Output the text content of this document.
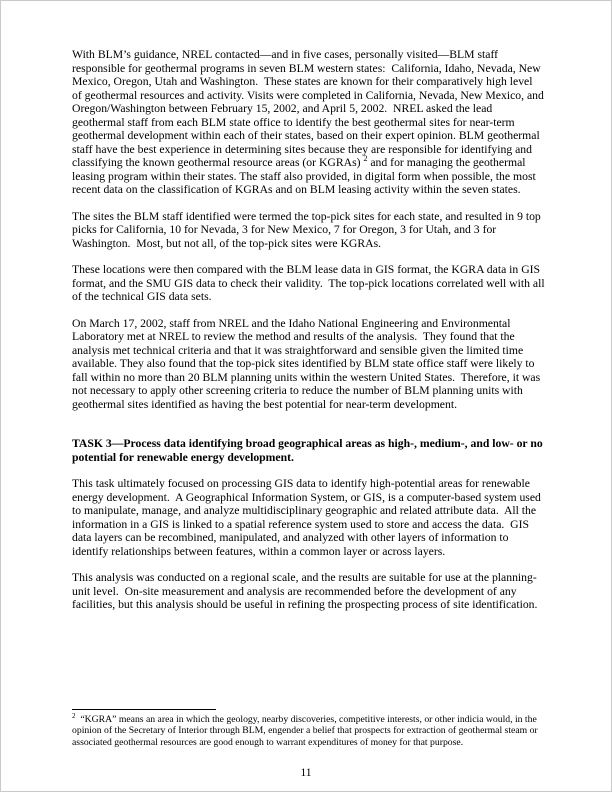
With BLM’s guidance, NREL contacted—and in five cases, personally visited—BLM staff responsible for geothermal programs in seven BLM western states:  California, Idaho, Nevada, New Mexico, Oregon, Utah and Washington.  These states are known for their comparatively high level of geothermal resources and activity. Visits were completed in California, Nevada, New Mexico, and Oregon/Washington between February 15, 2002, and April 5, 2002.  NREL asked the lead geothermal staff from each BLM state office to identify the best geothermal sites for near-term geothermal development within each of their states, based on their expert opinion. BLM geothermal staff have the best experience in determining sites because they are responsible for identifying and classifying the known geothermal resource areas (or KGRAs) $^2$ and for managing the geothermal leasing program within their states. The staff also provided, in digital form when possible, the most recent data on the classification of KGRAs and on BLM leasing activity within the seven states.

The sites the BLM staff identified were termed the top-pick sites for each state, and resulted in 9 top picks for California, 10 for Nevada, 3 for New Mexico, 7 for Oregon, 3 for Utah, and 3 for Washington.  Most, but not all, of the top-pick sites were KGRAs.

These locations were then compared with the BLM lease data in GIS format, the KGRA data in GIS format, and the SMU GIS data to check their validity.  The top-pick locations correlated well with all of the technical GIS data sets.

On March 17, 2002, staff from NREL and the Idaho National Engineering and Environmental Laboratory met at NREL to review the method and results of the analysis.  They found that the analysis met technical criteria and that it was straightforward and sensible given the limited time available. They also found that the top-pick sites identified by BLM state office staff were likely to fall within no more than 20 BLM planning units within the western United States.  Therefore, it was not necessary to apply other screening criteria to reduce the number of BLM planning units with geothermal sites identified as having the best potential for near-term development.

TASK 3—Process data identifying broad geographical areas as high-, medium-, and low- or no potential for renewable energy development.

This task ultimately focused on processing GIS data to identify high-potential areas for renewable energy development.  A Geographical Information System, or GIS, is a computer-based system used to manipulate, manage, and analyze multidisciplinary geographic and related attribute data.  All the information in a GIS is linked to a spatial reference system used to store and access the data.  GIS data layers can be recombined, manipulated, and analyzed with other layers of information to identify relationships between features, within a common layer or across layers.

This analysis was conducted on a regional scale, and the results are suitable for use at the planning-unit level.  On-site measurement and analysis are recommended before the development of any facilities, but this analysis should be useful in refining the prospecting process of site identification.

$^2$  “KGRA” means an area in which the geology, nearby discoveries, competitive interests, or other indicia would, in the opinion of the Secretary of Interior through BLM, engender a belief that prospects for extraction of geothermal steam or associated geothermal resources are good enough to warrant expenditures of money for that purpose.
11
